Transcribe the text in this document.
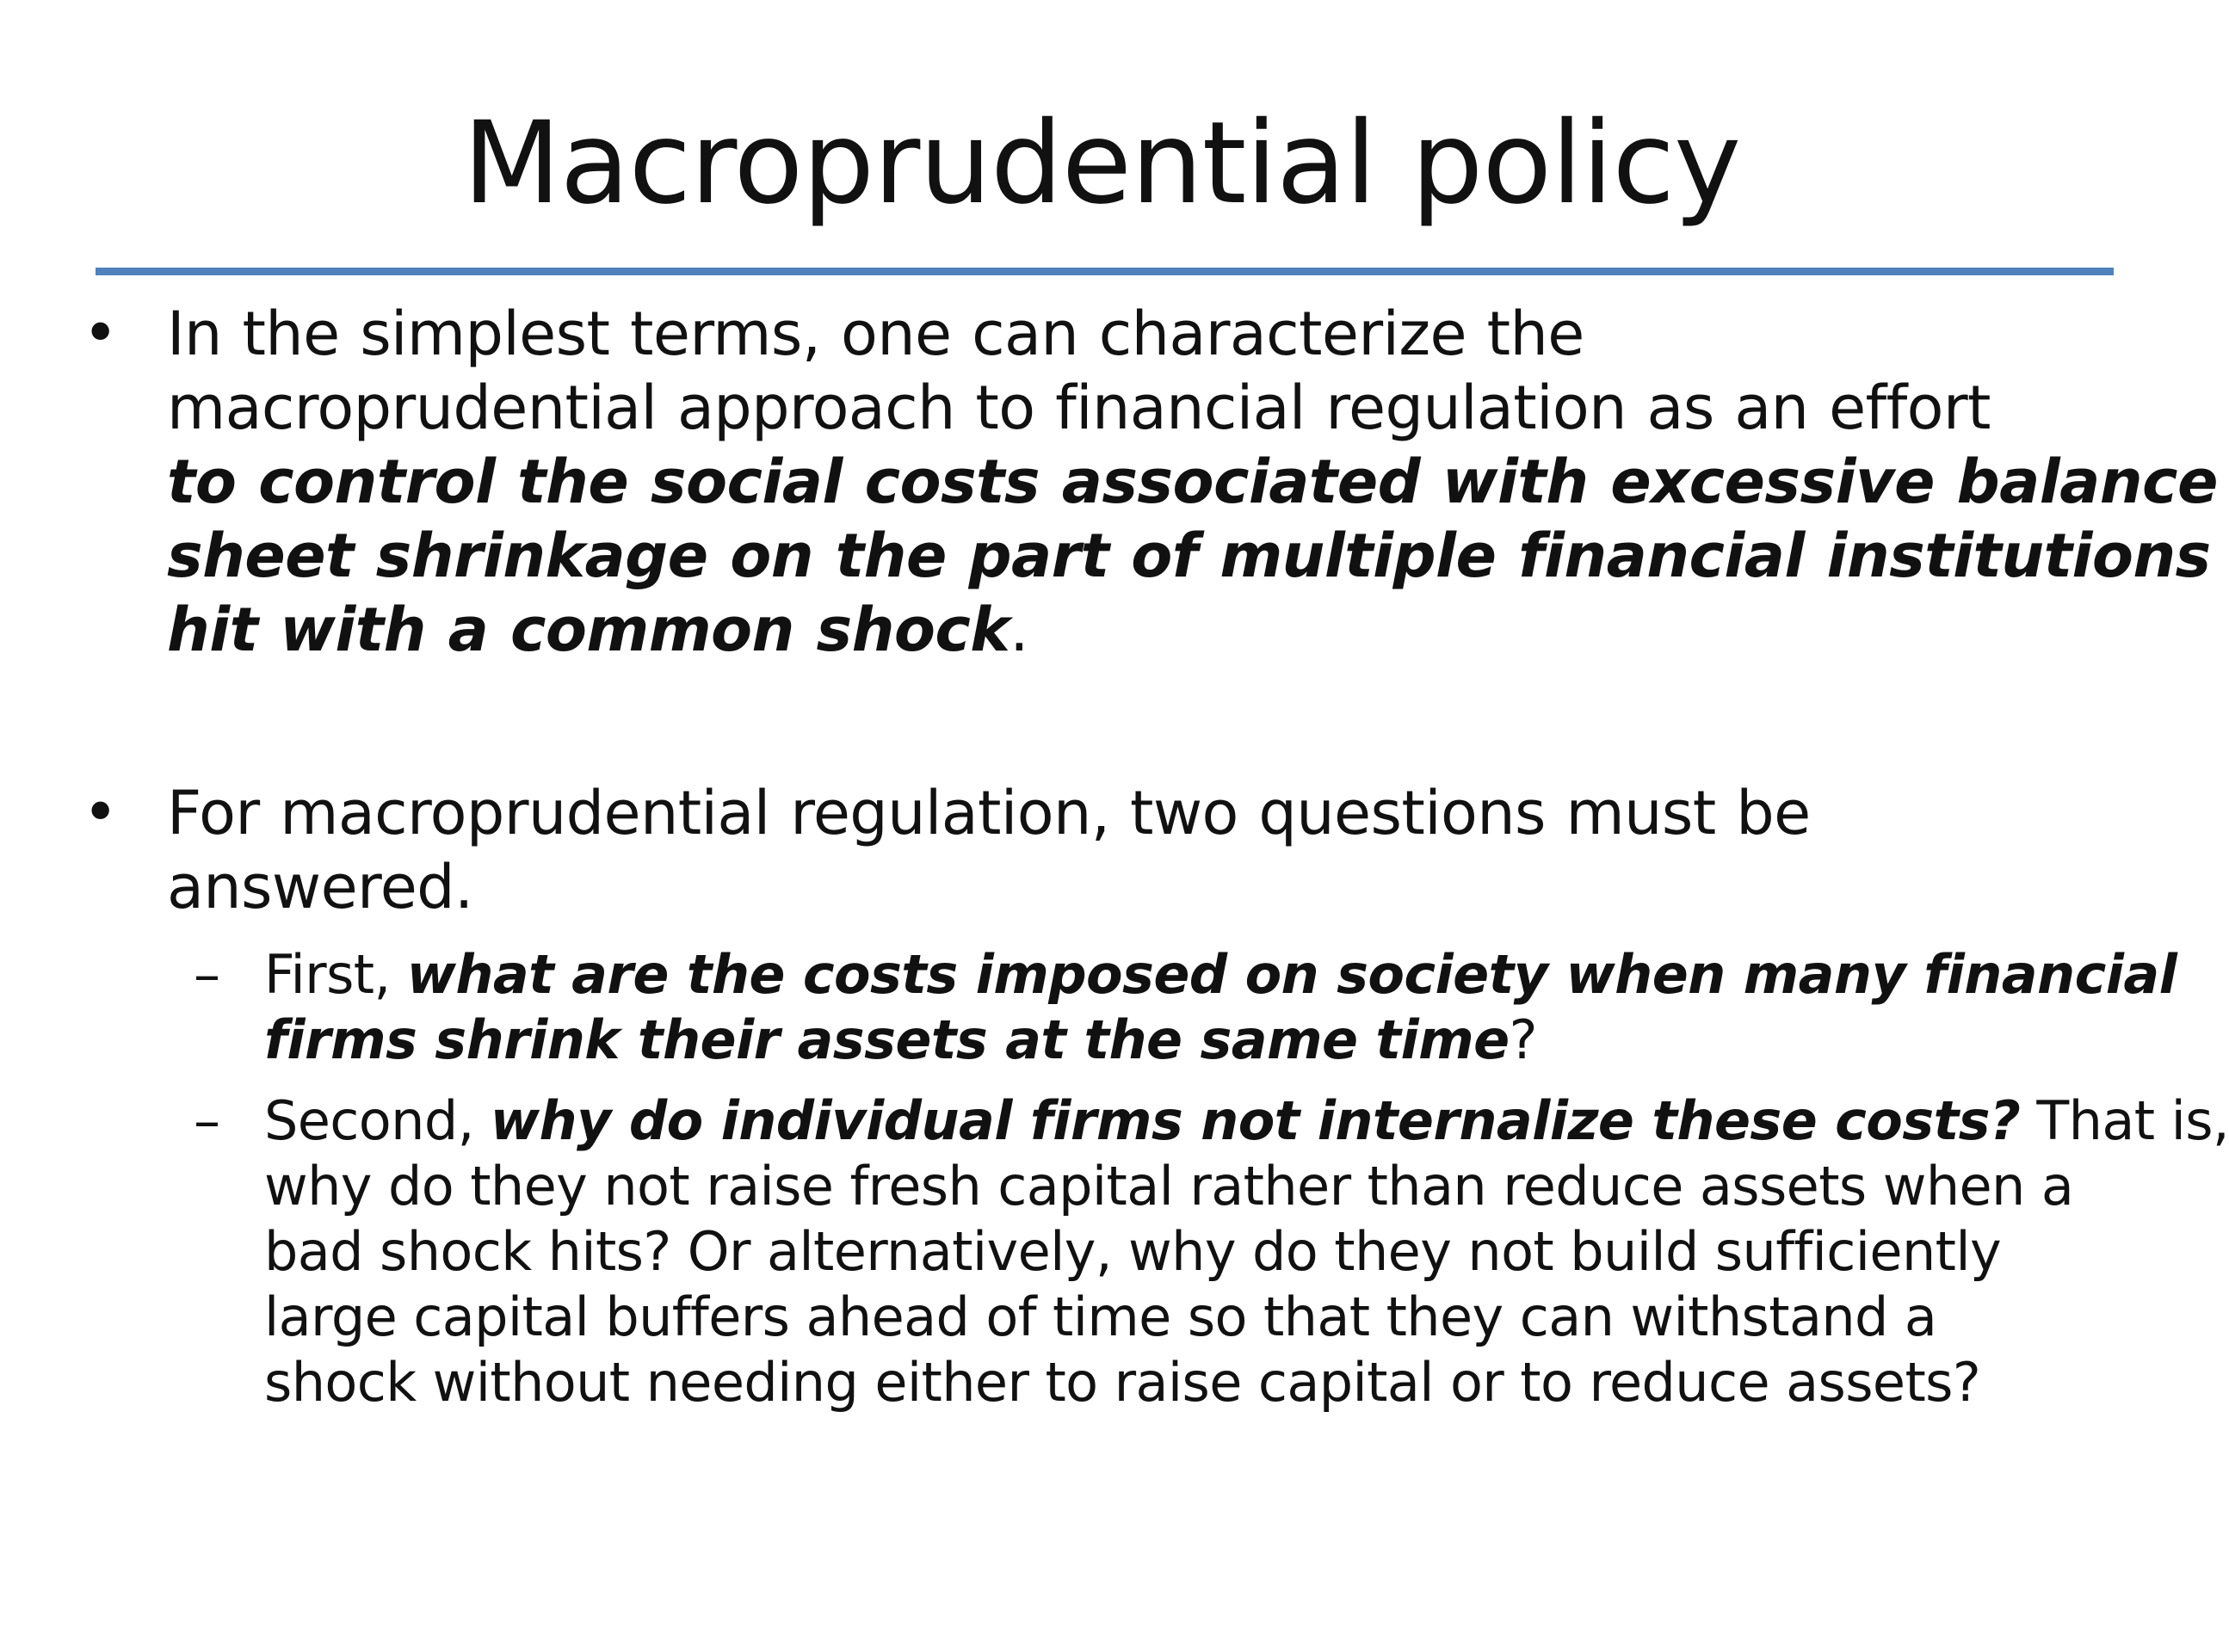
Macroprudential policy
• In the simplest terms, one can characterize the
macroprudential approach to financial regulation as an effort
to control the social costs associated with excessive balance
sheet shrinkage on the part of multiple financial institutions
hit with a common shock.
• For macroprudential regulation, two questions must be
answered.
– First, what are the costs imposed on society when many financial
firms shrink their assets at the same time?
– Second, why do individual firms not internalize these costs? That is,
why do they not raise fresh capital rather than reduce assets when a
bad shock hits? Or alternatively, why do they not build sufficiently
large capital buffers ahead of time so that they can withstand a
shock without needing either to raise capital or to reduce assets?
